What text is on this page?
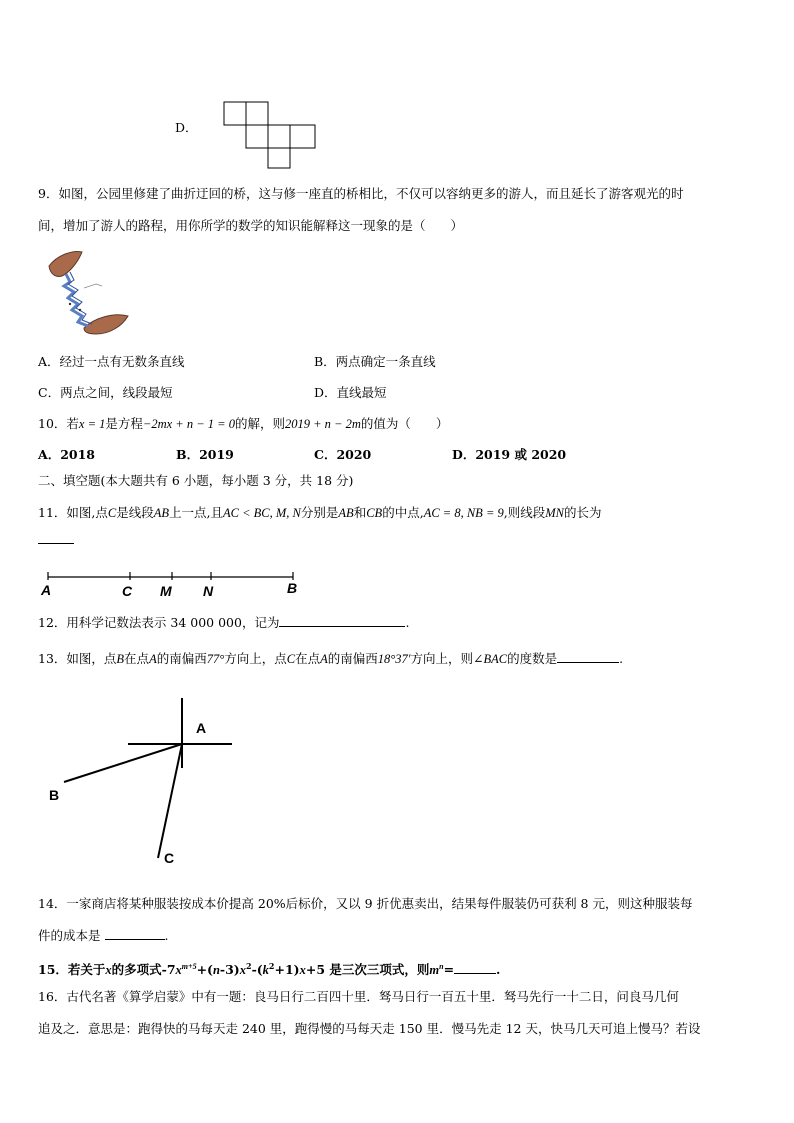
D．
9．如图，公园里修建了曲折迂回的桥，这与修一座直的桥相比，不仅可以容纳更多的游人，而且延长了游客观光的时
间，增加了游人的路程，用你所学的数学的知识能解释这一现象的是（　　）
A．经过一点有无数条直线	B．两点确定一条直线
C．两点之间，线段最短	D．直线最短
10．若x = 1是方程−2mx + n − 1 = 0的解，则2019 + n − 2m的值为（　　）
A．2018	B．2019	C．2020	D．2019 或 2020
二、填空题(本大题共有 6 小题，每小题 3 分，共 18 分)
11．如图,点C是线段AB上一点,且AC < BC, M, N分别是AB和CB的中点,AC = 8, NB = 9,则线段MN的长为
A	C M N	B
12．用科学记数法表示 34 000 000，记为	.
13．如图，点B在点A的南偏西77°方向上，点C在点A的南偏西18°37′方向上，则∠BAC的度数是	.
A
B
C
14．一家商店将某种服装按成本价提高 20%后标价，又以 9 折优惠卖出，结果每件服装仍可获利 8 元，则这种服装每
件的成本是	.
15．若关于x的多项式$-7x^{m+5}+(n-3)x^2-(k^2+1)x+5$ 是三次三项式，则$m^n=$	.
16．古代名著《算学启蒙》中有一题：良马日行二百四十里．驽马日行一百五十里．驽马先行一十二日，问良马几何
追及之．意思是：跑得快的马每天走 240 里，跑得慢的马每天走 150 里．慢马先走 12 天，快马几天可追上慢马？若设
